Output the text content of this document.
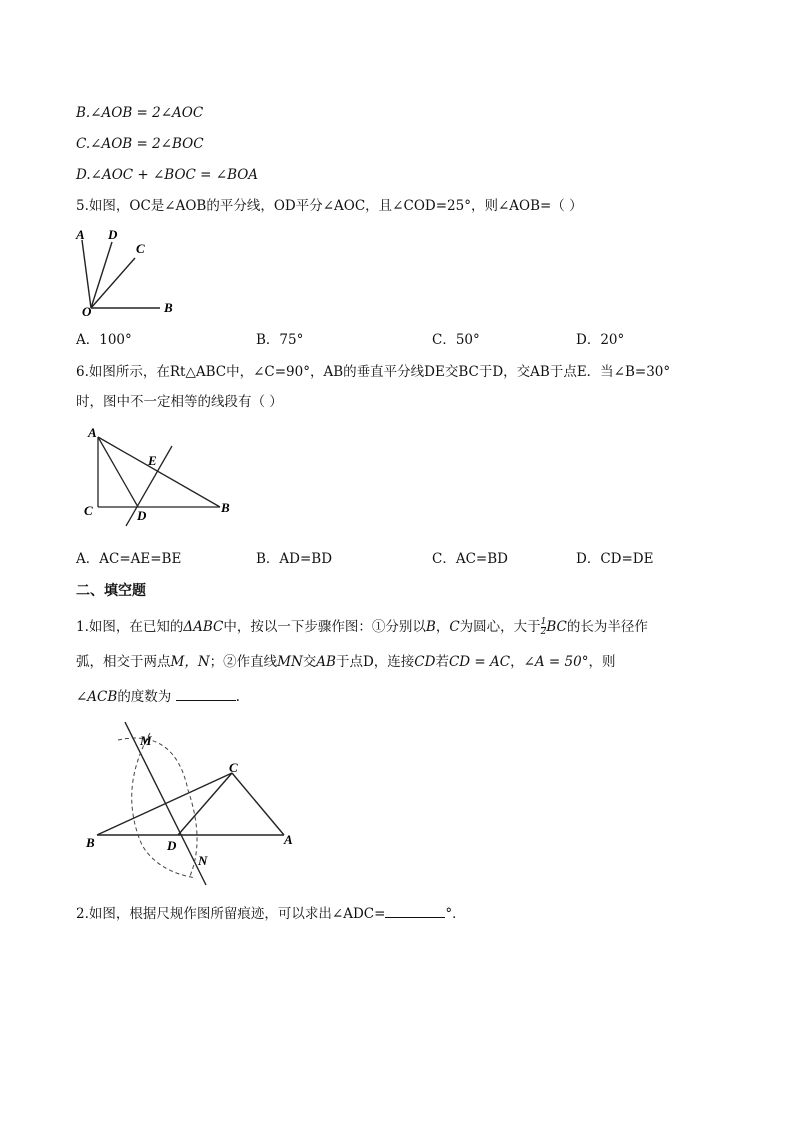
B.∠AOB = 2∠AOC
C.∠AOB = 2∠BOC
D.∠AOC + ∠BOC = ∠BOA
5.如图，OC是∠AOB的平分线，OD平分∠AOC，且∠COD=25°，则∠AOB=（ ）
A D
C
O	B
A．100°	B．75°	C．50°	D．20°
6.如图所示，在Rt△ABC中，∠C=90°，AB的垂直平分线DE交BC于D，交AB于点E．当∠B=30°
时，图中不一定相等的线段有（ ）
A
E
C	D
B
A．AC=AE=BE	B．AD=BD	C．AC=BD	D．CD=DE
二、填空题
1.如图，在已知的ΔABC中，按以一下步骤作图：①分别以B，C为圆心，大于 $\frac{1}{2}$ BC的长为半径作
弧，相交于两点M，N；②作直线MN交AB于点D，连接CD若CD = AC，∠A = 50°，则
∠ACB的度数为	.
M
C
B	D	A
N
2.如图，根据尺规作图所留痕迹，可以求出∠ADC=	°．
